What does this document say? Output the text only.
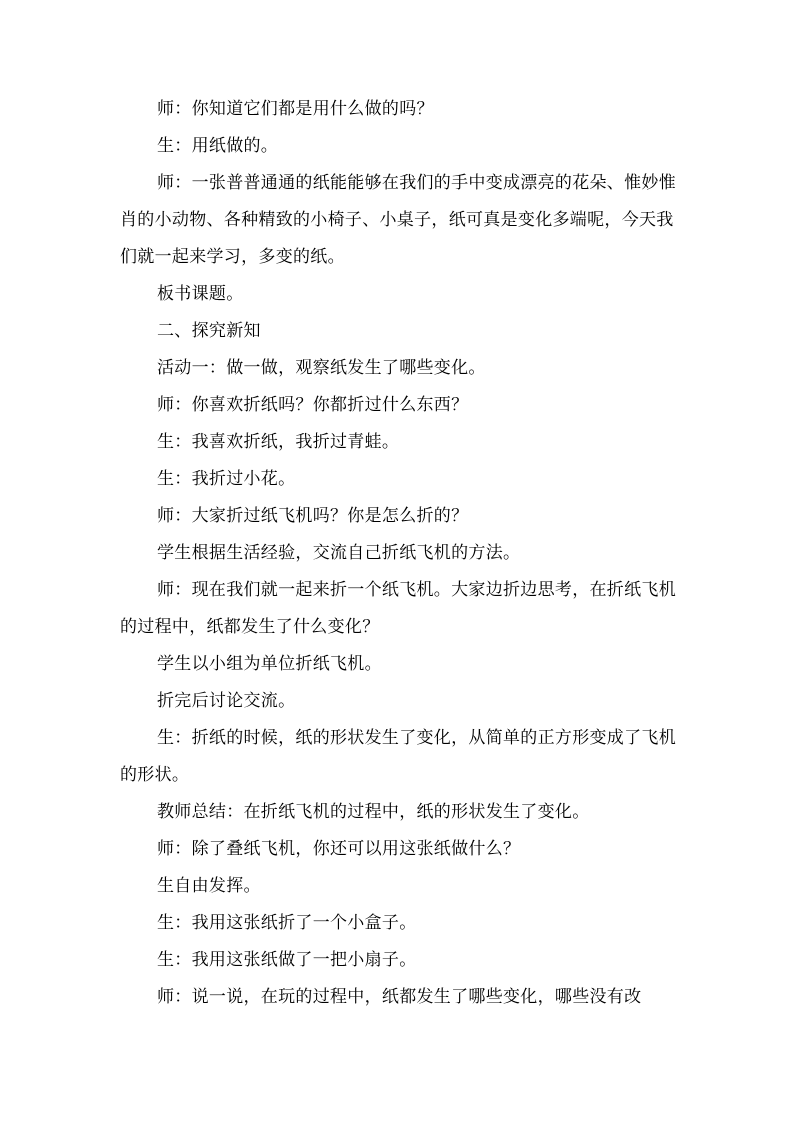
师：你知道它们都是用什么做的吗？

生：用纸做的。

师：一张普普通通的纸能能够在我们的手中变成漂亮的花朵、惟妙惟肖的小动物、各种精致的小椅子、小桌子，纸可真是变化多端呢，今天我们就一起来学习，多变的纸。

板书课题。

二、探究新知

活动一：做一做，观察纸发生了哪些变化。

师：你喜欢折纸吗？你都折过什么东西？

生：我喜欢折纸，我折过青蛙。

生：我折过小花。

师：大家折过纸飞机吗？你是怎么折的？

学生根据生活经验，交流自己折纸飞机的方法。

师：现在我们就一起来折一个纸飞机。大家边折边思考，在折纸飞机的过程中，纸都发生了什么变化？

学生以小组为单位折纸飞机。

折完后讨论交流。

生：折纸的时候，纸的形状发生了变化，从简单的正方形变成了飞机的形状。

教师总结：在折纸飞机的过程中，纸的形状发生了变化。

师：除了叠纸飞机，你还可以用这张纸做什么？

生自由发挥。

生：我用这张纸折了一个小盒子。

生：我用这张纸做了一把小扇子。

师：说一说，在玩的过程中，纸都发生了哪些变化，哪些没有改
